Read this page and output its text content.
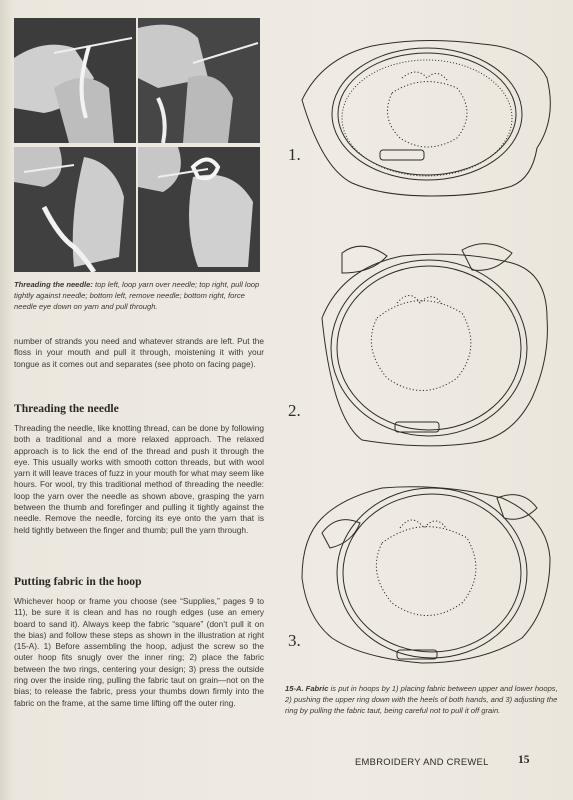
Threading the needle: top left, loop yarn over needle; top right, pull loop tightly against needle; bottom left, remove needle; bottom right, force needle eye down on yarn and pull through.
number of strands you need and whatever strands are left. Put the floss in your mouth and pull it through, moistening it with your tongue as it comes out and separates (see photo on facing page).
Threading the needle
Threading the needle, like knotting thread, can be done by following both a traditional and a more relaxed approach. The relaxed approach is to lick the end of the thread and push it through the eye. This usually works with smooth cotton threads, but with wool yarn it will leave traces of fuzz in your mouth for what may seem like hours. For wool, try this traditional method of threading the needle: loop the yarn over the needle as shown above, grasping the yarn between the thumb and forefinger and pulling it tightly against the needle. Remove the needle, forcing its eye onto the yarn that is held tightly between the finger and thumb; pull the yarn through.
Putting fabric in the hoop
Whichever hoop or frame you choose (see “Supplies,” pages 9 to 11), be sure it is clean and has no rough edges (use an emery board to sand it). Always keep the fabric “square” (don’t pull it on the bias) and follow these steps as shown in the illustration at right (15-A). 1) Before assembling the hoop, adjust the screw so the outer hoop fits snugly over the inner ring; 2) place the fabric between the two rings, centering your design; 3) press the outside ring over the inside ring, pulling the fabric taut on grain—not on the bias; to release the fabric, press your thumbs down firmly into the fabric on the frame, at the same time lifting off the outer ring.
1.
2.
3.
15-A. Fabric is put in hoops by 1) placing fabric between upper and lower hoops, 2) pushing the upper ring down with the heels of both hands, and 3) adjusting the ring by pulling the fabric taut, being careful not to pull it off grain.
EMBROIDERY AND CREWEL	15
